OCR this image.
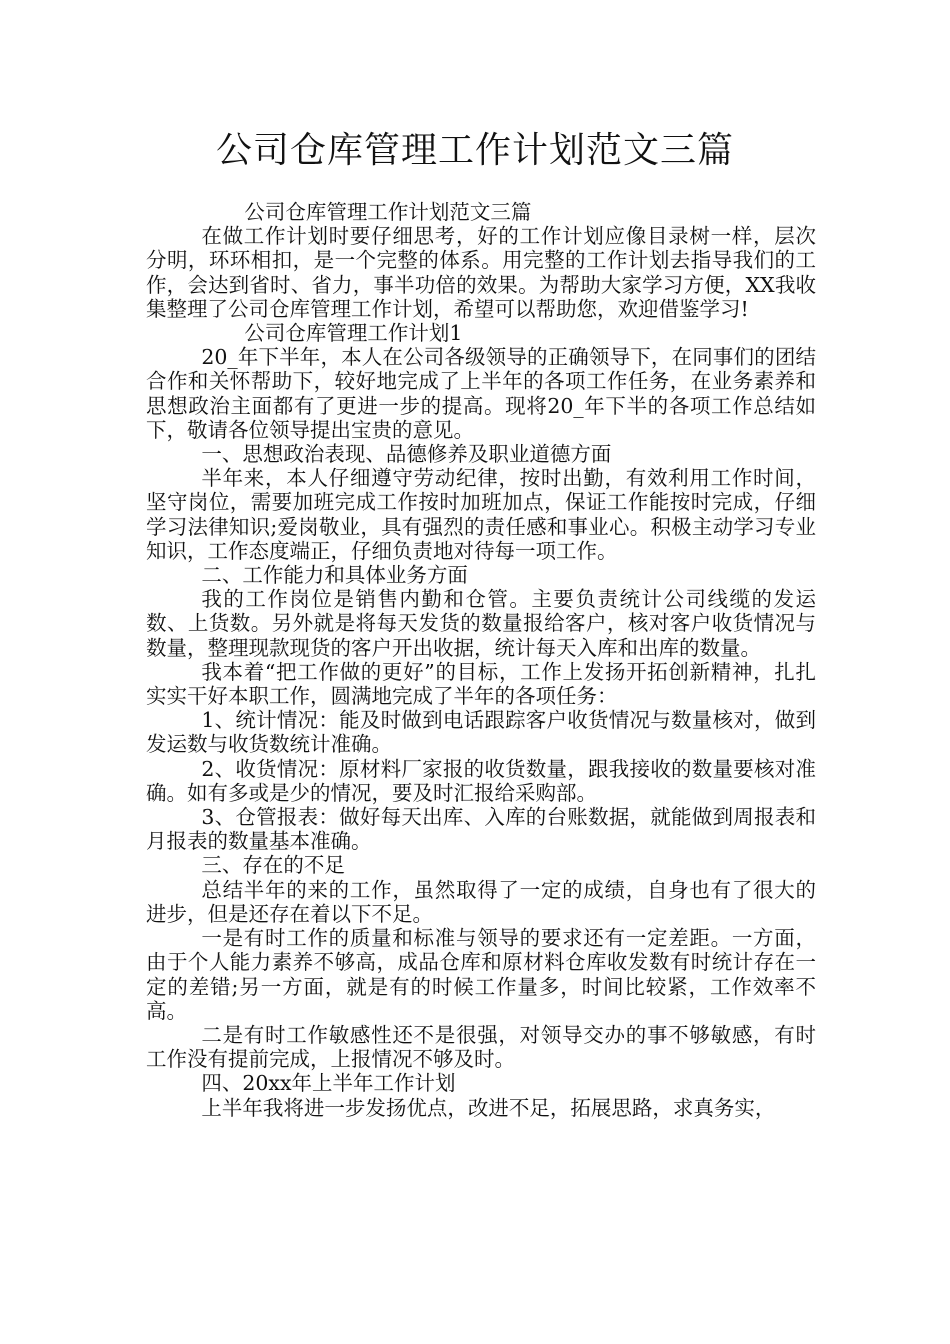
公司仓库管理工作计划范文三篇

公司仓库管理工作计划范文三篇

在做工作计划时要仔细思考，好的工作计划应像目录树一样，层次分明，环环相扣，是一个完整的体系。用完整的工作计划去指导我们的工作，会达到省时、省力，事半功倍的效果。为帮助大家学习方便，XX我收集整理了公司仓库管理工作计划，希望可以帮助您，欢迎借鉴学习!

公司仓库管理工作计划1

20_年下半年，本人在公司各级领导的正确领导下，在同事们的团结合作和关怀帮助下，较好地完成了上半年的各项工作任务，在业务素养和思想政治主面都有了更进一步的提高。现将20_年下半的各项工作总结如下，敬请各位领导提出宝贵的意见。

一、思想政治表现、品德修养及职业道德方面

半年来，本人仔细遵守劳动纪律，按时出勤，有效利用工作时间，坚守岗位，需要加班完成工作按时加班加点，保证工作能按时完成，仔细学习法律知识;爱岗敬业，具有强烈的责任感和事业心。积极主动学习专业知识，工作态度端正，仔细负责地对待每一项工作。

二、工作能力和具体业务方面

我的工作岗位是销售内勤和仓管。主要负责统计公司线缆的发运数、上货数。另外就是将每天发货的数量报给客户，核对客户收货情况与数量，整理现款现货的客户开出收据，统计每天入库和出库的数量。

我本着“把工作做的更好”的目标，工作上发扬开拓创新精神，扎扎实实干好本职工作，圆满地完成了半年的各项任务：

1、统计情况：能及时做到电话跟踪客户收货情况与数量核对，做到发运数与收货数统计准确。

2、收货情况：原材料厂家报的收货数量，跟我接收的数量要核对准确。如有多或是少的情况，要及时汇报给采购部。

3、仓管报表：做好每天出库、入库的台账数据，就能做到周报表和月报表的数量基本准确。

三、存在的不足

总结半年的来的工作，虽然取得了一定的成绩，自身也有了很大的进步，但是还存在着以下不足。

一是有时工作的质量和标准与领导的要求还有一定差距。一方面，由于个人能力素养不够高，成品仓库和原材料仓库收发数有时统计存在一定的差错;另一方面，就是有的时候工作量多，时间比较紧，工作效率不高。

二是有时工作敏感性还不是很强，对领导交办的事不够敏感，有时工作没有提前完成，上报情况不够及时。

四、20xx年上半年工作计划

上半年我将进一步发扬优点，改进不足，拓展思路，求真务实，
